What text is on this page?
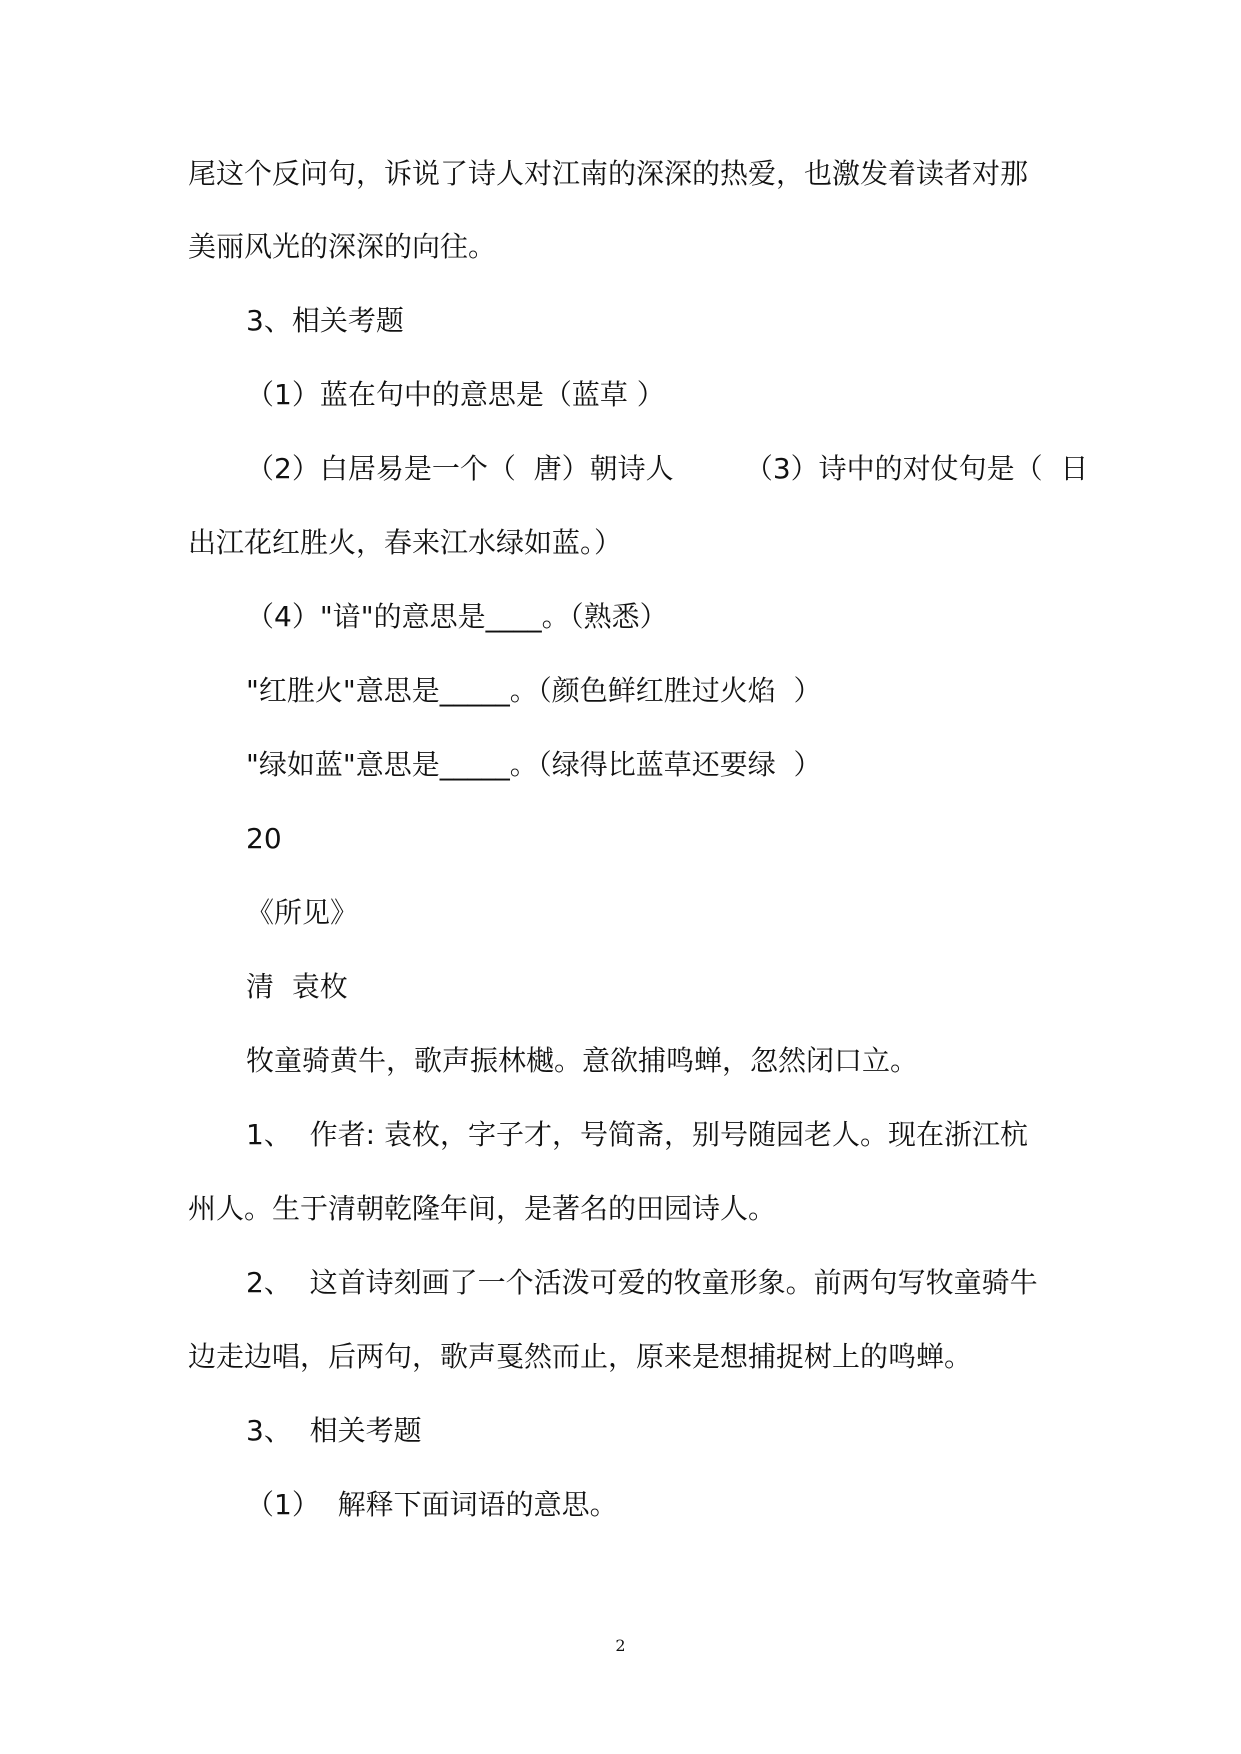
尾这个反问句，诉说了诗人对江南的深深的热爱，也激发着读者对那

美丽风光的深深的向往。

3、相关考题

（1）蓝在句中的意思是（蓝草 ）

（2）白居易是一个（  唐）朝诗人        （3）诗中的对仗句是（  日

出江花红胜火，春来江水绿如蓝。）

（4）"谙"的意思是____。（熟悉）

"红胜火"意思是_____。（颜色鲜红胜过火焰  ）

"绿如蓝"意思是_____。（绿得比蓝草还要绿  ）

20

《所见》

清  袁枚

牧童骑黄牛，歌声振林樾。意欲捕鸣蝉，忽然闭口立。

1、  作者: 袁枚，字子才，号简斋，别号随园老人。现在浙江杭

州人。生于清朝乾隆年间，是著名的田园诗人。

2、  这首诗刻画了一个活泼可爱的牧童形象。前两句写牧童骑牛

边走边唱，后两句，歌声戛然而止，原来是想捕捉树上的鸣蝉。

3、  相关考题

（1）  解释下面词语的意思。

2
